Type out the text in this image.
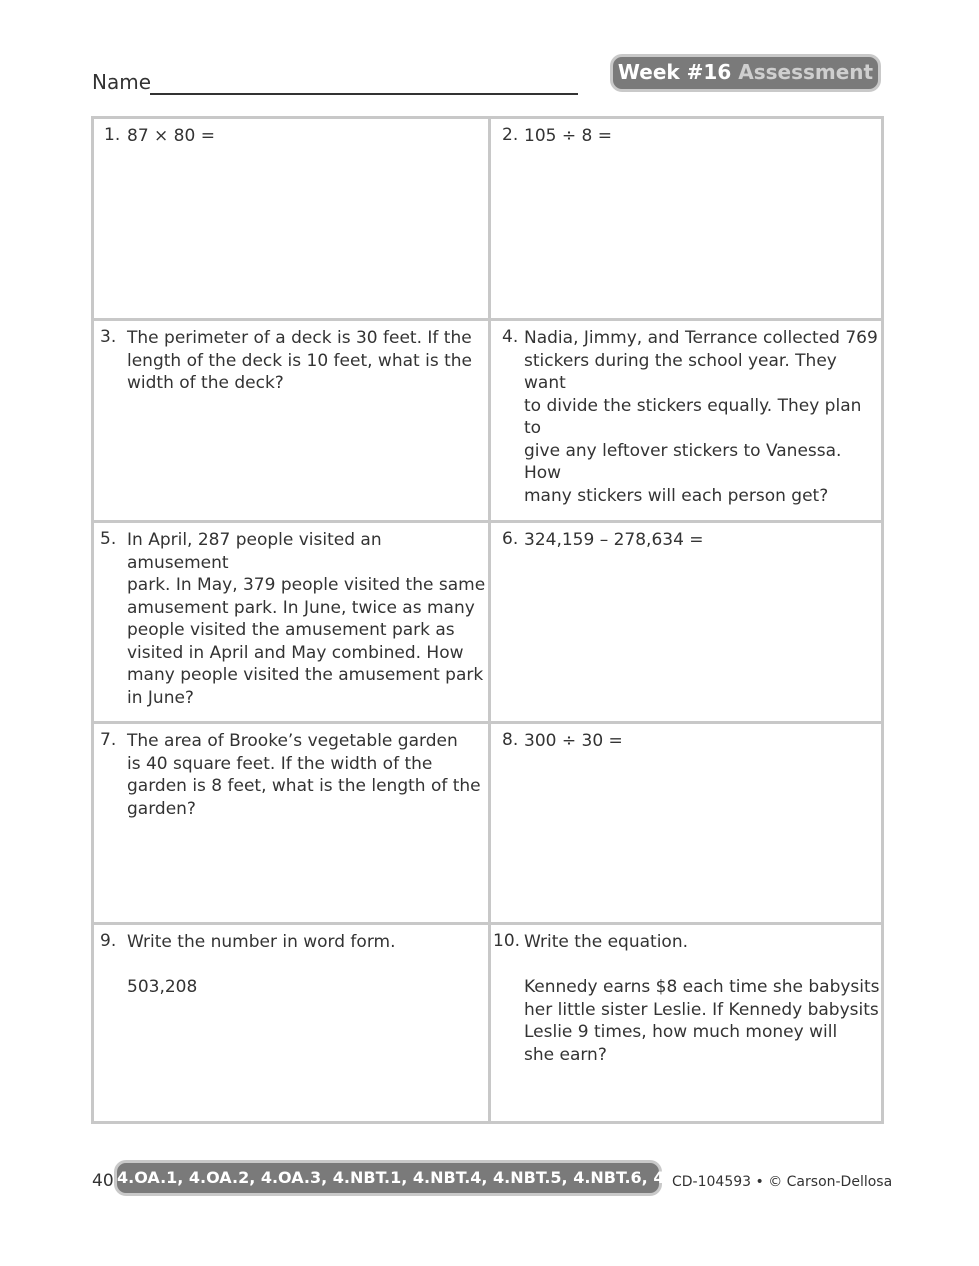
Name	Week #16 Assessment
1. 87 × 80 =	2. 105 ÷ 8 =
3. The perimeter of a deck is 30 feet. If the
length of the deck is 10 feet, what is the
width of the deck?
4. Nadia, Jimmy, and Terrance collected 769
stickers during the school year. They want
to divide the stickers equally. They plan to
give any leftover stickers to Vanessa. How
many stickers will each person get?
5. In April, 287 people visited an amusement
park. In May, 379 people visited the same
amusement park. In June, twice as many
people visited the amusement park as
visited in April and May combined. How
many people visited the amusement park
in June?
6. 324,159 – 278,634 =
7. The area of Brooke’s vegetable garden
is 40 square feet. If the width of the
garden is 8 feet, what is the length of the
garden?
8. 300 ÷ 30 =
9. Write the number in word form.

503,208
10. Write the equation.

Kennedy earns $8 each time she babysits
her little sister Leslie. If Kennedy babysits
Leslie 9 times, how much money will
she earn?
40 4.OA.1, 4.OA.2, 4.OA.3, 4.NBT.1, 4.NBT.4, 4.NBT.5, 4.NBT.6, 4.MD.3
CD-104593 • © Carson-Dellosa
